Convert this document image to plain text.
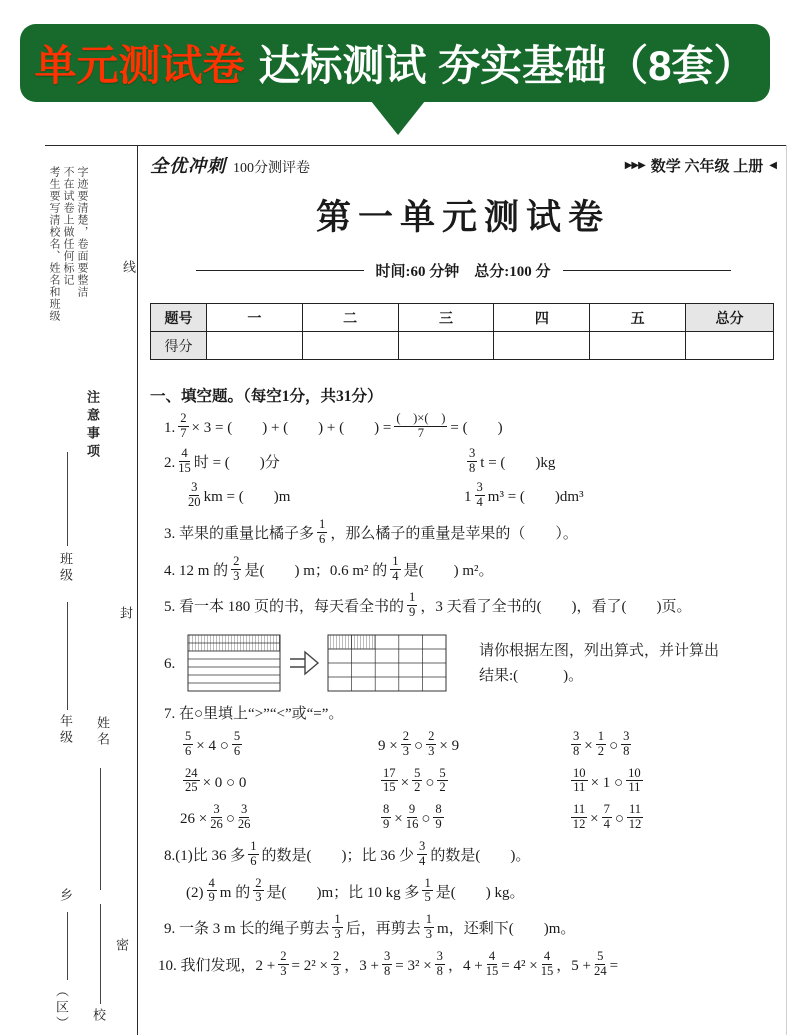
单元测试卷 达标测试 夯实基础（8套）
考生要写清校名、姓名和班级 不在试卷上做任何标记 字迹要清楚，卷面要整洁
注意事项
班级
年级 姓名
乡
（区） 校
线
封
密
全优冲刺 100分测评卷	▶▶▶ 数学 六年级 上册 ◀
第一单元测试卷
时间:60 分钟　总分:100 分
题号	一	二	三	四	五	总分
得分						
一、填空题。（每空1分，共31分）
1. $\frac{2}{7} \times 3$ = (　　) + (　　) + (　　) =
(　)×(　)
7 = (　　)
2. $\frac{4}{15}$ 时 = (　　)分	$\frac{3}{8}$ t = (　　)kg
$\frac{3}{20}$ km = (　　)m	$1 \frac{3}{4} m^3$ = (　　)dm³
3. 苹果的重量比橘子多 $\frac{1}{6}$ ，那么橘子的重量是苹果的（　　）。
4. 12 m 的 $\frac{2}{3}$ 是(　　) m；0.6 m² 的 $\frac{1}{4}$ 是(　　) m²。
5. 看一本 180 页的书，每天看全书的 $\frac{1}{9}$ ，3 天看了全书的(　　)，看了(　　)页。
6.
请你根据左图，列出算式，并计算出
结果:(　　　)。
7. 在○里填上“>”“<”或“=”。
$\frac{5}{6} \times 4$ ○ $\frac{5}{6}$	$9 \times \frac{2}{3}$ ○ $\frac{2}{3} \times 9$	$\frac{3}{8} \times \frac{1}{2}$ ○ $\frac{3}{8}$
$\frac{24}{25} \times 0$ ○ 0	$\frac{17}{15} \times \frac{5}{2}$ ○ $\frac{5}{2}$	$\frac{10}{11} \times 1$ ○ $\frac{10}{11}$
$26 \times \frac{3}{26}$ ○ $\frac{3}{26}$	$\frac{8}{9} \times \frac{9}{16}$ ○ $\frac{8}{9}$	$\frac{11}{12} \times \frac{7}{4}$ ○ $\frac{11}{12}$
8.(1)比 36 多 $\frac{1}{6}$ 的数是(　　)；比 36 少 $\frac{3}{4}$ 的数是(　　)。
$(2) \frac{4}{9}$ m 的 $\frac{2}{3}$ 是(　　)m；比 10 kg 多 $\frac{1}{5}$ 是(　　) kg。
9. 一条 3 m 长的绳子剪去 $\frac{1}{3}$ 后，再剪去 $\frac{1}{3}$ m，还剩下(　　)m。
10. 我们发现，$2 + \frac{2}{3} = 2^2 \times \frac{2}{3}$ ，$3 + \frac{3}{8} = 3^2 \times \frac{3}{8}$ ，$4 + \frac{4}{15} = 4^2 \times \frac{4}{15}$ ，$5 + \frac{5}{24}$ =
